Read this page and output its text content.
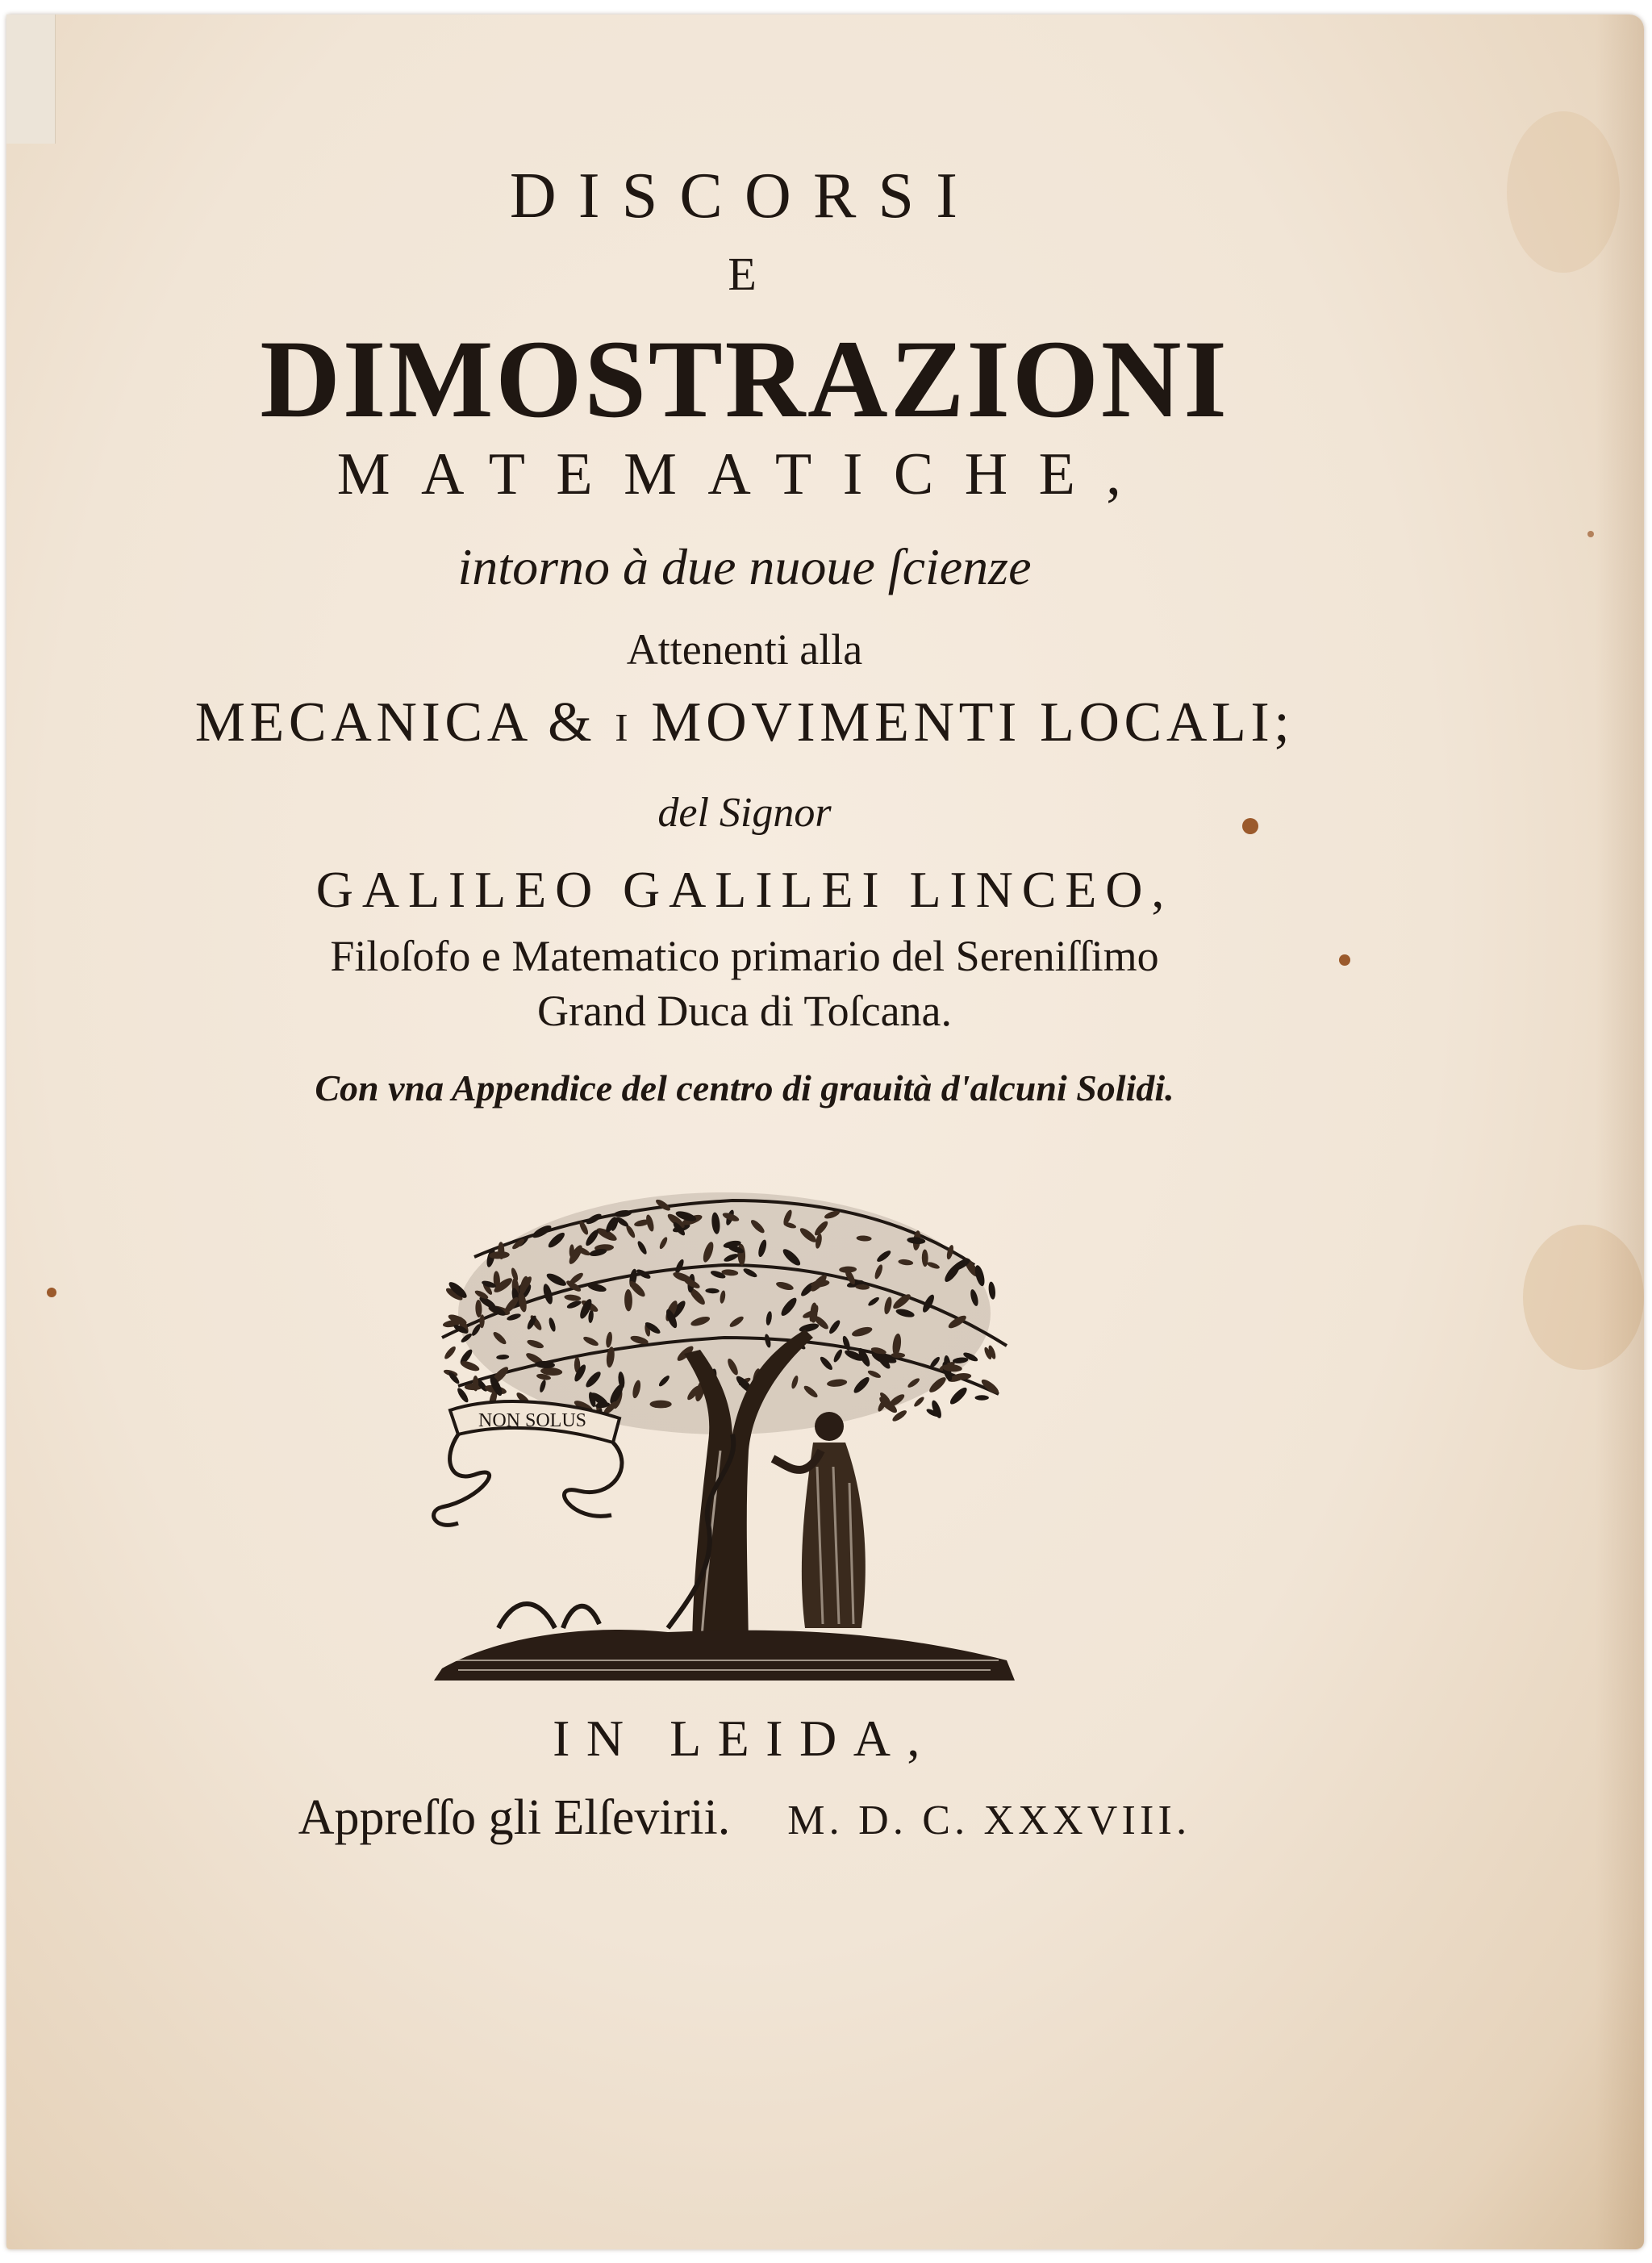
DISCORSI
E
DIMOSTRAZIONI
MATEMATICHE,
intorno à due nuoue ſcienze
Attenenti alla
MECANICA & i MOVIMENTI LOCALI;
del Signor
GALILEO GALILEI LINCEO,
Filoſofo e Matematico primario del Sereniſſimo
Grand Duca di Toſcana.
Con vna Appendice del centro di grauità d'alcuni Solidi.
NON SOLUS
IN LEIDA,
Appreſſo gli Elſevirii. M. D. C. XXXVIII.
